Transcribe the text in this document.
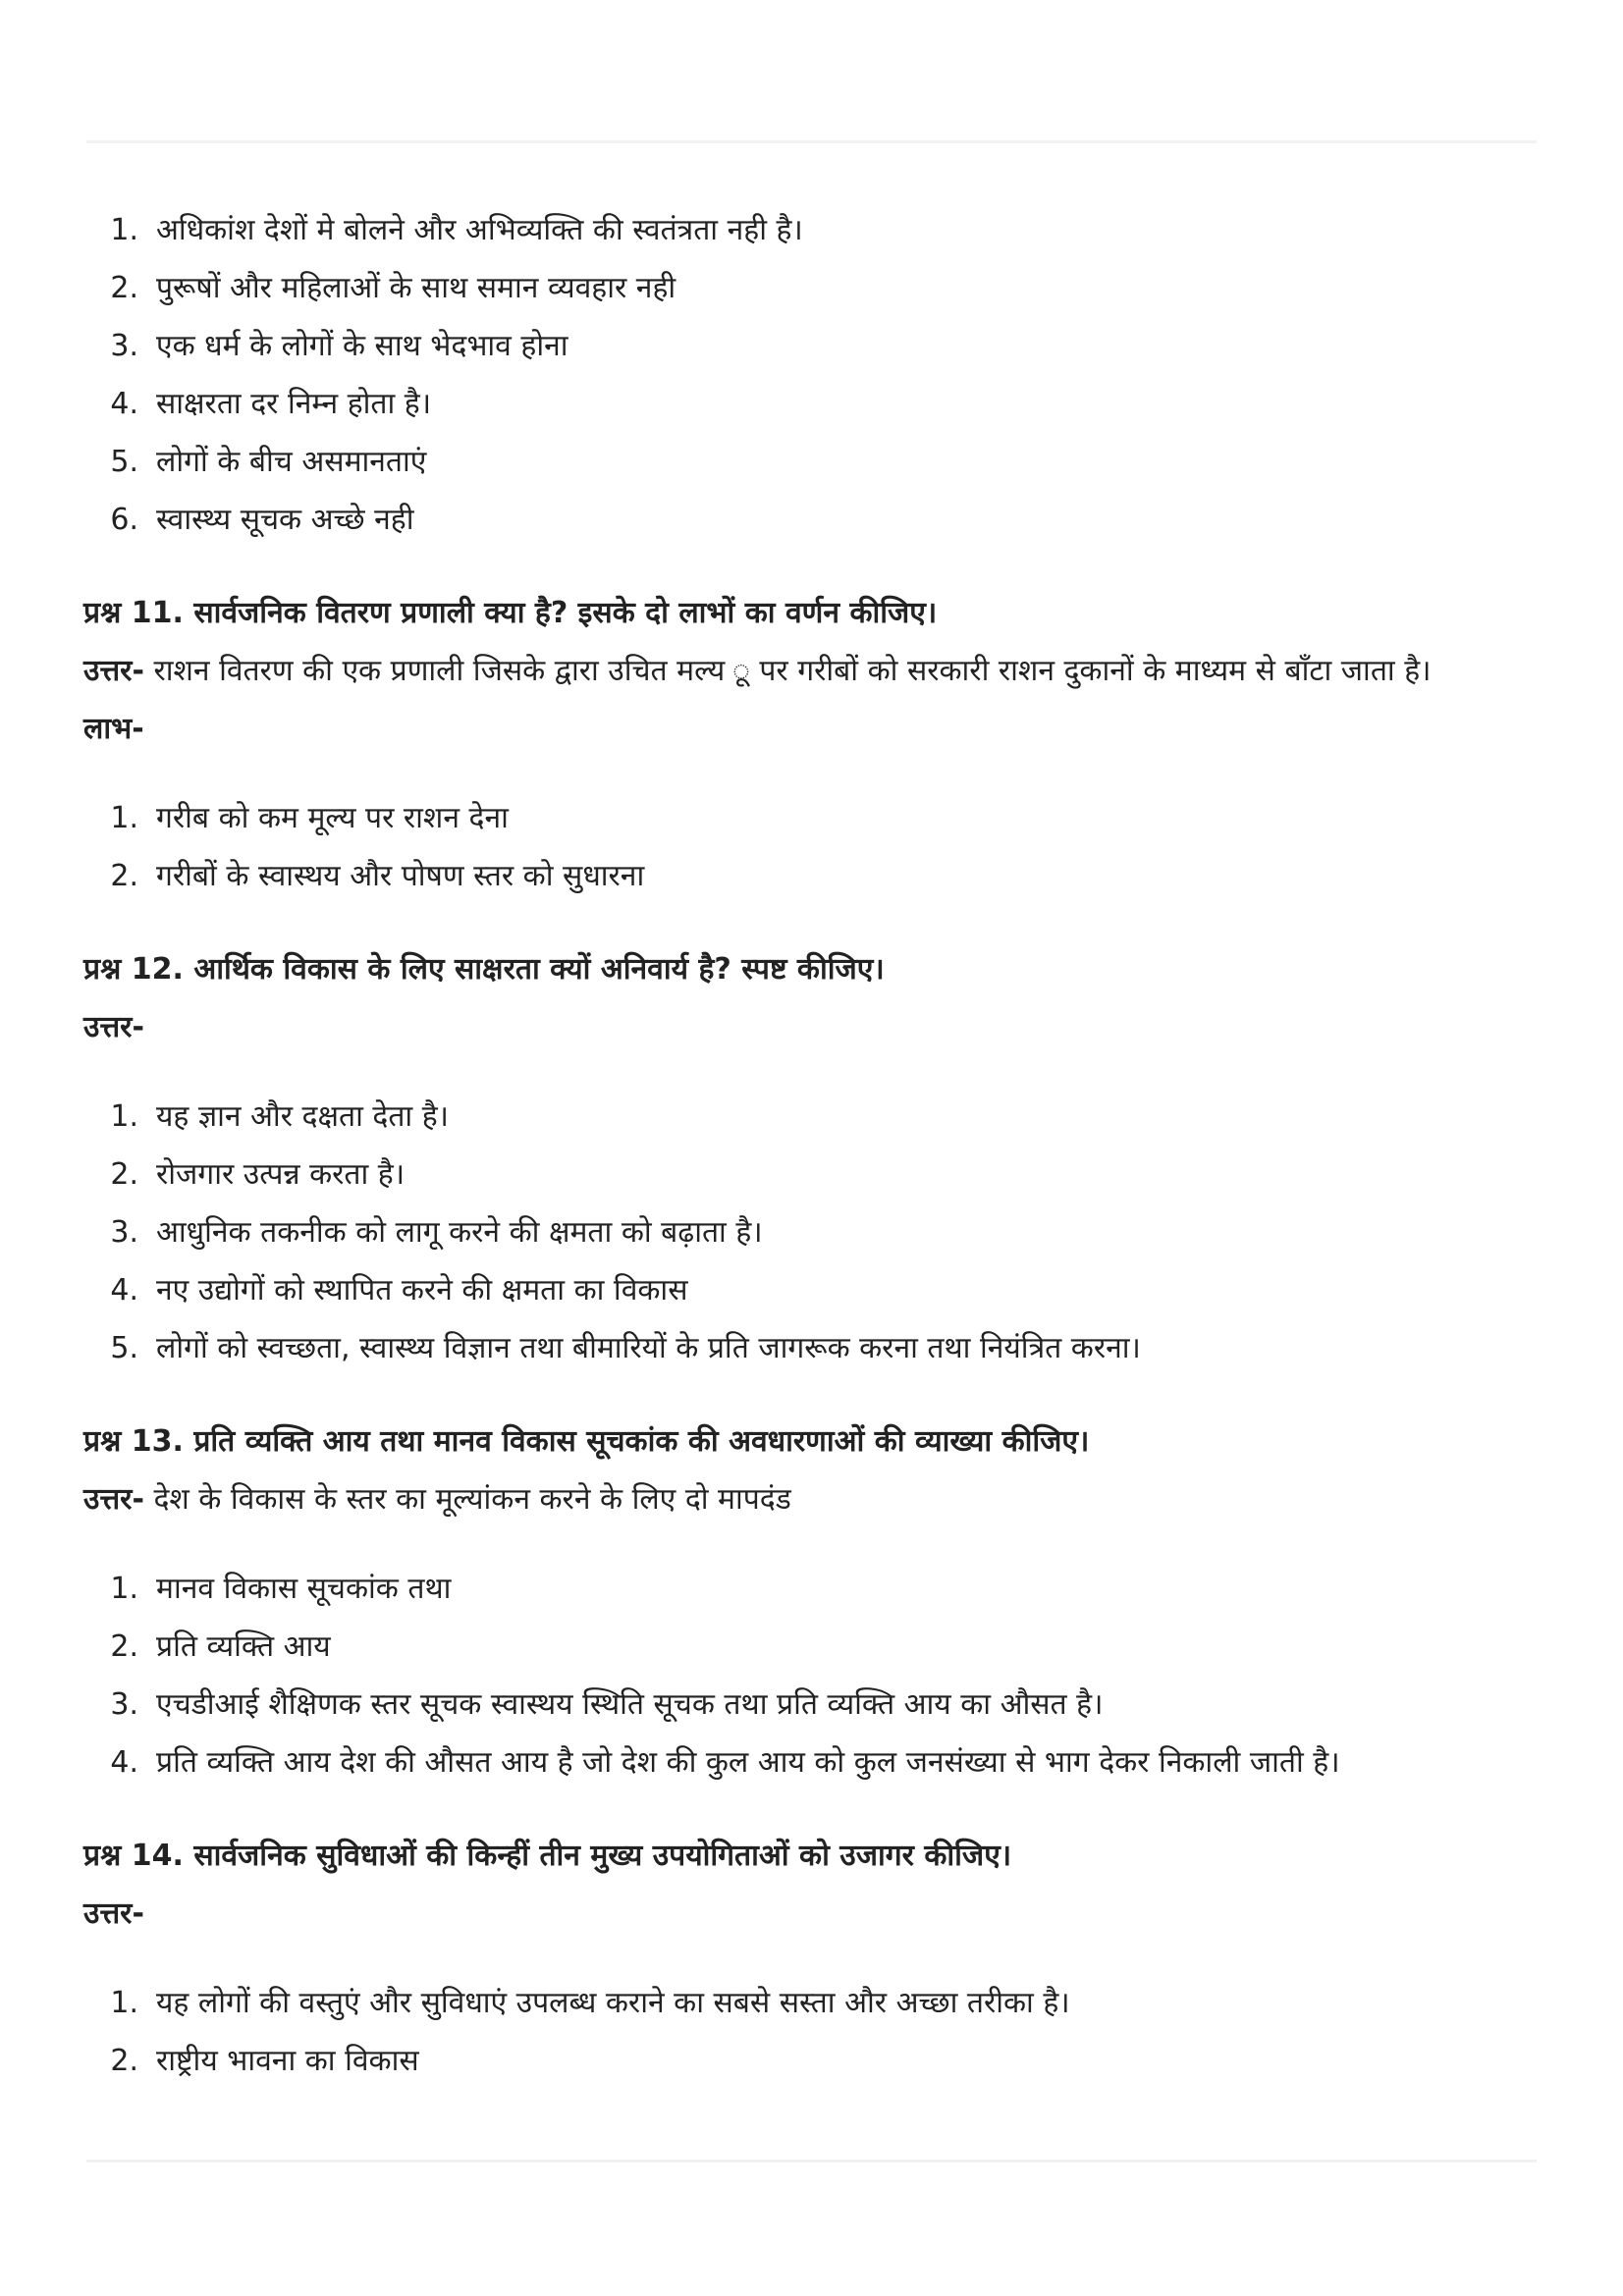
1. अधिकांश देशों मे बोलने और अभिव्यक्ति की स्वतंत्रता नही है।
2. पुरूषों और महिलाओं के साथ समान व्यवहार नही
3. एक धर्म के लोगों के साथ भेदभाव होना
4. साक्षरता दर निम्न होता है।
5. लोगों के बीच असमानताएं
6. स्वास्थ्य सूचक अच्छे नही
प्रश्न 11. सार्वजनिक वितरण प्रणाली क्या है? इसके दो लाभों का वर्णन कीजिए।
उत्तर- राशन वितरण की एक प्रणाली जिसके द्वारा उचित मल्य ू पर गरीबों को सरकारी राशन दुकानों के माध्यम से बाँटा जाता है।
लाभ-
1. गरीब को कम मूल्य पर राशन देना
2. गरीबों के स्वास्थय और पोषण स्तर को सुधारना
प्रश्न 12. आर्थिक विकास के लिए साक्षरता क्यों अनिवार्य है? स्पष्ट कीजिए।
उत्तर-
1. यह ज्ञान और दक्षता देता है।
2. रोजगार उत्पन्न करता है।
3. आधुनिक तकनीक को लागू करने की क्षमता को बढ़ाता है।
4. नए उद्योगों को स्थापित करने की क्षमता का विकास
5. लोगों को स्वच्छता, स्वास्थ्य विज्ञान तथा बीमारियों के प्रति जागरूक करना तथा नियंत्रित करना।
प्रश्न 13. प्रति व्यक्ति आय तथा मानव विकास सूचकांक की अवधारणाओं की व्याख्या कीजिए।
उत्तर- देश के विकास के स्तर का मूल्यांकन करने के लिए दो मापदंड
1. मानव विकास सूचकांक तथा
2. प्रति व्यक्ति आय
3. एचडीआई शैक्षिणक स्तर सूचक स्वास्थय स्थिति सूचक तथा प्रति व्यक्ति आय का औसत है।
4. प्रति व्यक्ति आय देश की औसत आय है जो देश की कुल आय को कुल जनसंख्या से भाग देकर निकाली जाती है।
प्रश्न 14. सार्वजनिक सुविधाओं की किन्हीं तीन मुख्य उपयोगिताओं को उजागर कीजिए।
उत्तर-
1. यह लोगों की वस्तुएं और सुविधाएं उपलब्ध कराने का सबसे सस्ता और अच्छा तरीका है।
2. राष्ट्रीय भावना का विकास
